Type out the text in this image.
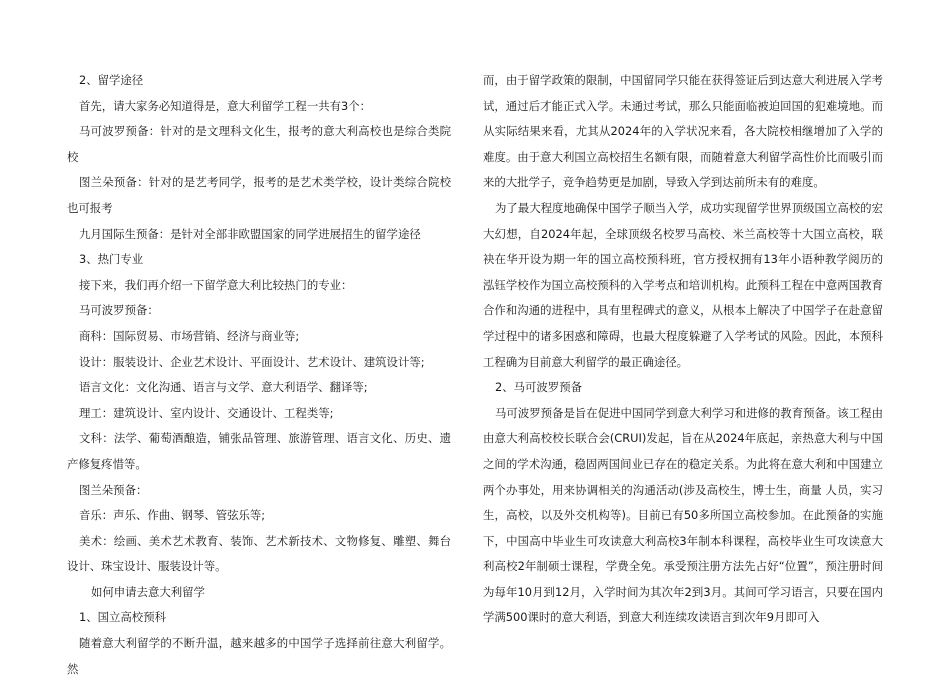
2、留学途径

首先，请大家务必知道得是，意大利留学工程一共有3个：

马可波罗预备：针对的是文理科文化生，报考的意大利高校也是综合类院校

图兰朵预备：针对的是艺考同学，报考的是艺术类学校，设计类综合院校也可报考

九月国际生预备：是针对全部非欧盟国家的同学进展招生的留学途径

3、热门专业

接下来，我们再介绍一下留学意大利比较热门的专业：

马可波罗预备：

商科：国际贸易、市场营销、经济与商业等;

设计：服装设计、企业艺术设计、平面设计、艺术设计、建筑设计等;

语言文化：文化沟通、语言与文学、意大利语学、翻译等;

理工：建筑设计、室内设计、交通设计、工程类等;

文科：法学、葡萄酒酿造，铺张品管理、旅游管理、语言文化、历史、遗产修复疼惜等。

图兰朵预备：

音乐：声乐、作曲、钢琴、管弦乐等;

美术：绘画、美术艺术教育、装饰、艺术新技术、文物修复、雕塑、舞台设计、珠宝设计、服装设计等。

如何申请去意大利留学

1、国立高校预科

随着意大利留学的不断升温，越来越多的中国学子选择前往意大利留学。然

而，由于留学政策的限制，中国留同学只能在获得签证后到达意大利进展入学考试，通过后才能正式入学。未通过考试，那么只能面临被迫回国的犯难境地。而从实际结果来看，尤其从2024年的入学状况来看，各大院校相继增加了入学的难度。由于意大利国立高校招生名额有限，而随着意大利留学高性价比而吸引而来的大批学子，竞争趋势更是加剧，导致入学到达前所未有的难度。

为了最大程度地确保中国学子顺当入学，成功实现留学世界顶级国立高校的宏大幻想，自2024年起，全球顶级名校罗马高校、米兰高校等十大国立高校，联袂在华开设为期一年的国立高校预科班，官方授权拥有13年小语种教学阅历的泓钰学校作为国立高校预科的入学考点和培训机构。此预科工程在中意两国教育合作和沟通的进程中，具有里程碑式的意义，从根本上解决了中国学子在赴意留学过程中的诸多困惑和障碍，也最大程度躲避了入学考试的风险。因此，本预科工程确为目前意大利留学的最正确途径。

2、马可波罗预备

马可波罗预备是旨在促进中国同学到意大利学习和进修的教育预备。该工程由由意大利高校校长联合会(CRUI)发起，旨在从2024年底起，亲热意大利与中国之间的学术沟通，稳固两国间业已存在的稳定关系。为此将在意大利和中国建立两个办事处，用来协调相关的沟通活动(涉及高校生，博士生，商量 人员，实习生，高校，以及外交机构等)。目前已有50多所国立高校参加。在此预备的实施下，中国高中毕业生可攻读意大利高校3年制本科课程，高校毕业生可攻读意大利高校2年制硕士课程，学费全免。承受预注册方法先占好“位置”，预注册时间为每年10月到12月，入学时间为其次年2到3月。其间可学习语言，只要在国内学满500课时的意大利语，到意大利连续攻读语言到次年9月即可入
